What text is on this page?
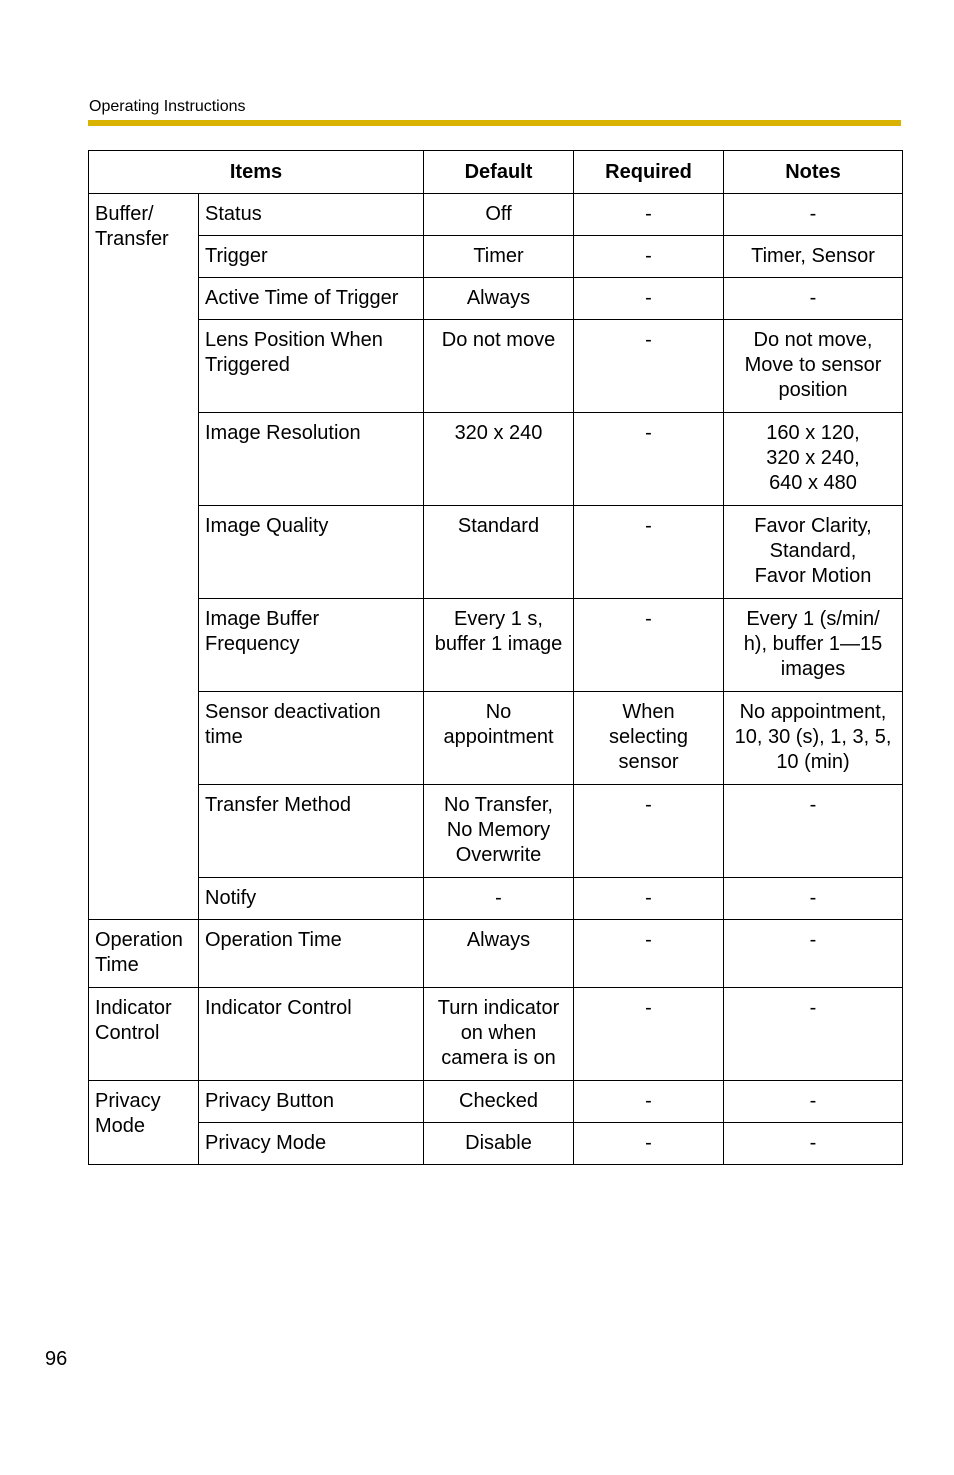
Operating Instructions
Items		Default	Required	Notes
Buffer/
Transfer	Status	Off	-	-
	Trigger	Timer	-	Timer, Sensor
	Active Time of Trigger	Always	-	-
	Lens Position When
Triggered	Do not move	-	Do not move,
Move to sensor
position
	Image Resolution	320 x 240	-	160 x 120,
320 x 240,
640 x 480
	Image Quality	Standard	-	Favor Clarity,
Standard,
Favor Motion
	Image Buffer
Frequency	Every 1 s,
buffer 1 image	-	Every 1 (s/min/
h), buffer 1—15
images
	Sensor deactivation
time	No
appointment	When
selecting
sensor	No appointment,
10, 30 (s), 1, 3, 5,
10 (min)
	Transfer Method	No Transfer,
No Memory
Overwrite	-	-
	Notify	-	-	-
Operation
Time	Operation Time	Always	-	-
Indicator
Control	Indicator Control	Turn indicator
on when
camera is on	-	-
Privacy
Mode	Privacy Button	Checked	-	-
	Privacy Mode	Disable	-	-
96
